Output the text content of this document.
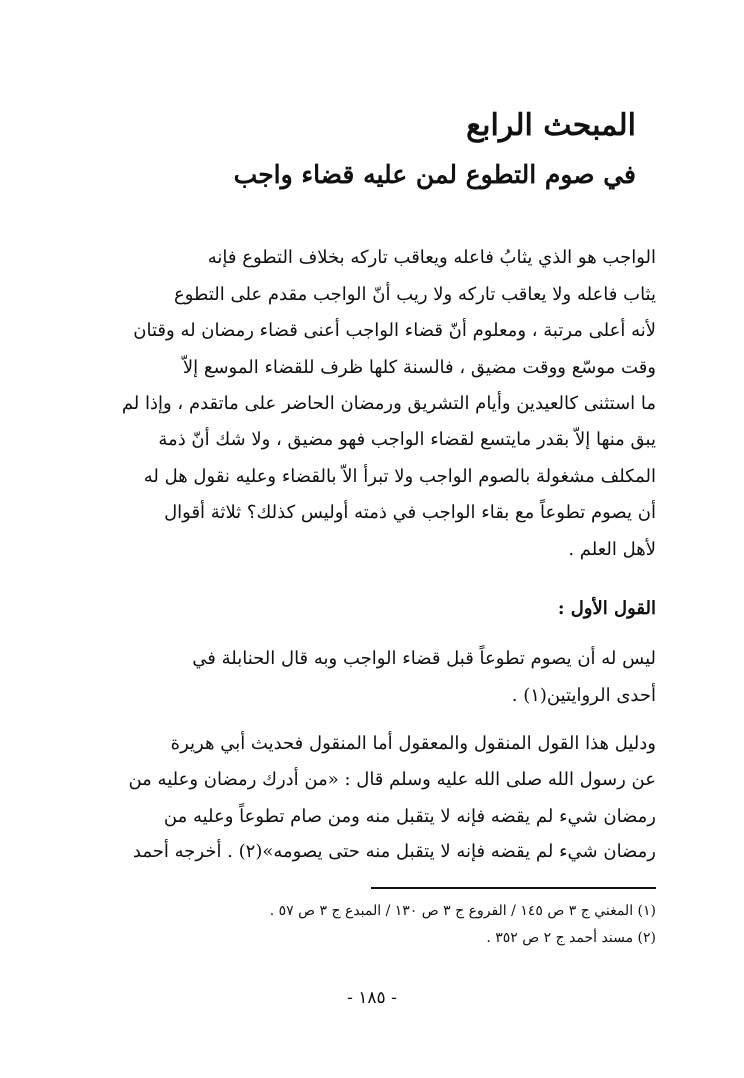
المبحث الرابع
في صوم التطوع لمن عليه قضاء واجب

الواجب هو الذي يثابُ فاعله ويعاقب تاركه بخلاف التطوع فإنه

يثاب فاعله ولا يعاقب تاركه ولا ريب أنّ الواجب مقدم على التطوع

لأنه أعلى مرتبة ، ومعلوم أنّ قضاء الواجب أعنى قضاء رمضان له وقتان

وقت موسّع ووقت مضيق ، فالسنة كلها ظرف للقضاء الموسع إلاّ

ما استثنى كالعيدين وأيام التشريق ورمضان الحاضر على ماتقدم ، وإذا لم

يبق منها إلاّ بقدر مايتسع لقضاء الواجب فهو مضيق ، ولا شك أنّ ذمة

المكلف مشغولة بالصوم الواجب ولا تبرأ الاّ بالقضاء وعليه نقول هل له

أن يصوم تطوعاً مع بقاء الواجب في ذمته أوليس كذلك؟ ثلاثة أقوال

لأهل العلم .

القول الأول :

ليس له أن يصوم تطوعاً قبل قضاء الواجب وبه قال الحنابلة في

أحدى الروايتين(١) .

ودليل هذا القول المنقول والمعقول أما المنقول فحديث أبي هريرة

عن رسول الله صلى الله عليه وسلم قال : «من أدرك رمضان وعليه من

رمضان شيء لم يقضه فإنه لا يتقبل منه ومن صام تطوعاً وعليه من

رمضان شيء لم يقضه فإنه لا يتقبل منه حتى يصومه»(٢) . أخرجه أحمد

(١) المغني ج ٣ ص ١٤٥ / الفروع ج ٣ ص ١٣٠ / المبدع ج ٣ ص ٥٧ .

(٢) مسند أحمد ج ٢ ص ٣٥٢ .

- ١٨٥ -
